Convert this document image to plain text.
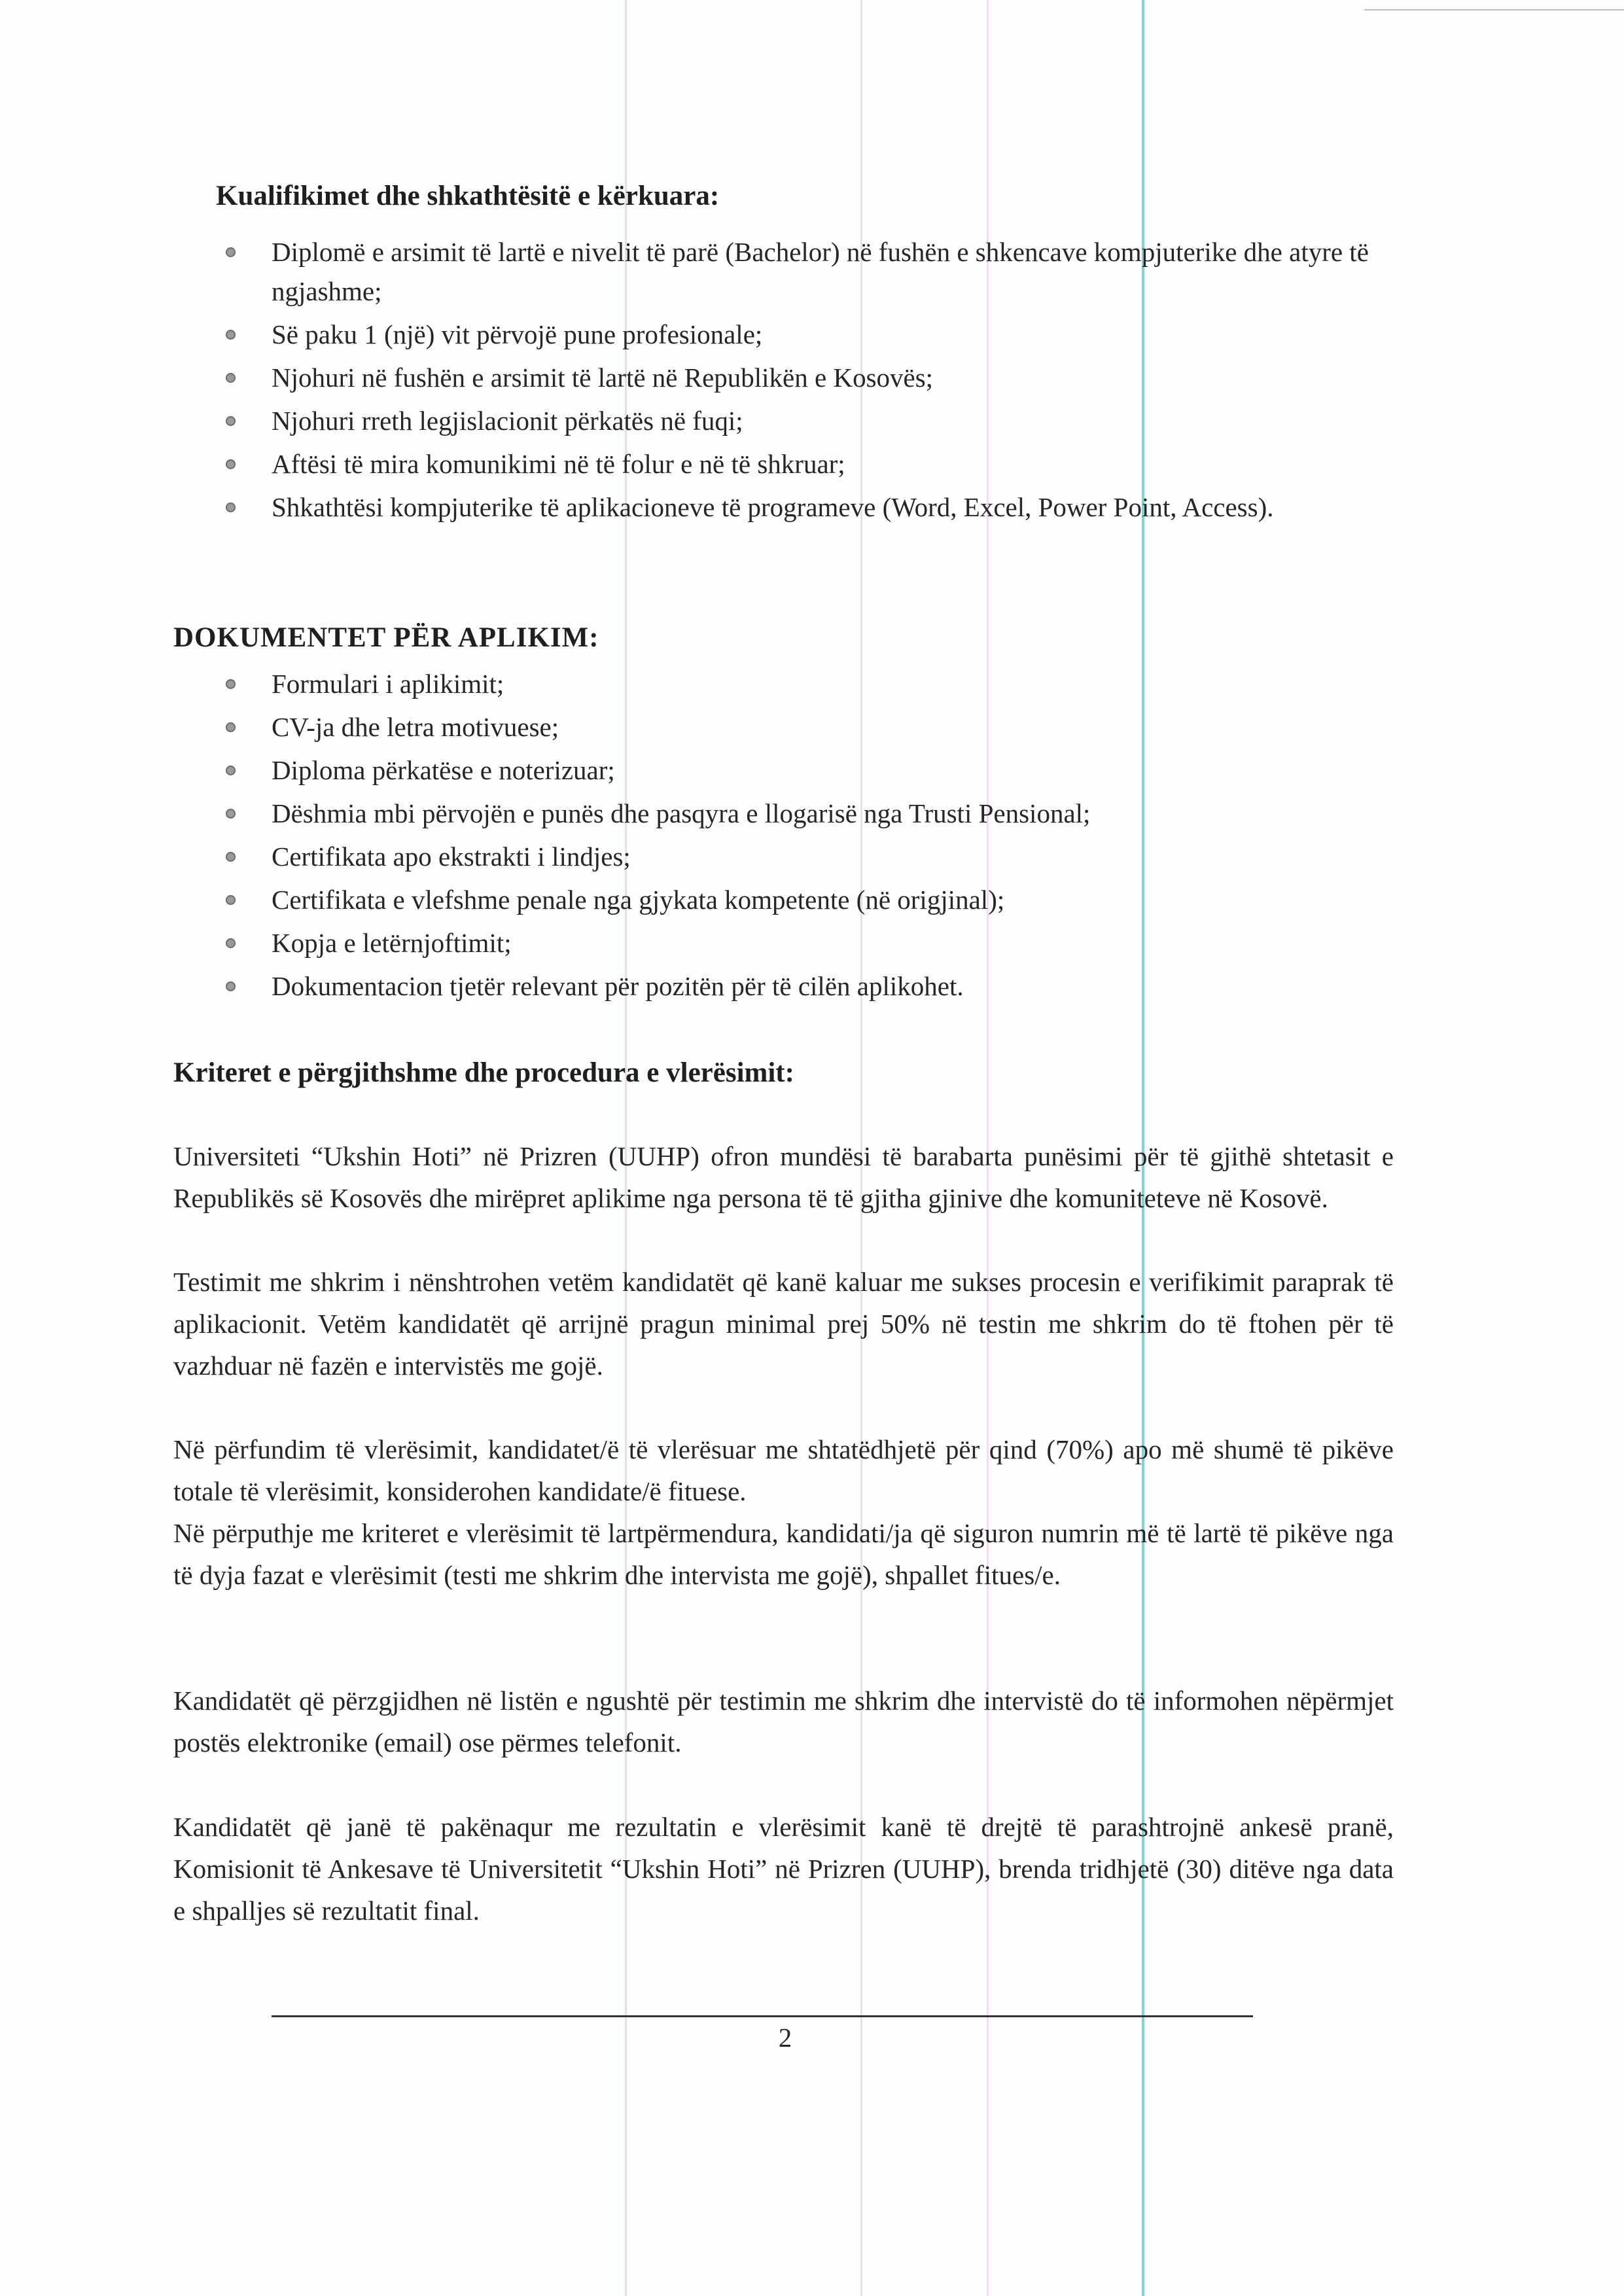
Kualifikimet dhe shkathtësitë e kërkuara:
Diplomë e arsimit të lartë e nivelit të parë (Bachelor) në fushën e shkencave kompjuterike dhe atyre të ngjashme;
Së paku 1 (një) vit përvojë pune profesionale;
Njohuri në fushën e arsimit të lartë në Republikën e Kosovës;
Njohuri rreth legjislacionit përkatës në fuqi;
Aftësi të mira komunikimi në të folur e në të shkruar;
Shkathtësi kompjuterike të aplikacioneve të programeve (Word, Excel, Power Point, Access).
DOKUMENTET PËR APLIKIM:
Formulari i aplikimit;
CV-ja dhe letra motivuese;
Diploma përkatëse e noterizuar;
Dëshmia mbi përvojën e punës dhe pasqyra e llogarisë nga Trusti Pensional;
Certifikata apo ekstrakti i lindjes;
Certifikata e vlefshme penale nga gjykata kompetente (në origjinal);
Kopja e letërnjoftimit;
Dokumentacion tjetër relevant për pozitën për të cilën aplikohet.
Kriteret e përgjithshme dhe procedura e vlerësimit:

Universiteti “Ukshin Hoti” në Prizren (UUHP) ofron mundësi të barabarta punësimi për të gjithë shtetasit e Republikës së Kosovës dhe mirëpret aplikime nga persona të të gjitha gjinive dhe komuniteteve në Kosovë.

Testimit me shkrim i nënshtrohen vetëm kandidatët që kanë kaluar me sukses procesin e verifikimit paraprak të aplikacionit. Vetëm kandidatët që arrijnë pragun minimal prej 50% në testin me shkrim do të ftohen për të vazhduar në fazën e intervistës me gojë.

Në përfundim të vlerësimit, kandidatet/ë të vlerësuar me shtatëdhjetë për qind (70%) apo më shumë të pikëve totale të vlerësimit, konsiderohen kandidate/ë fituese.

Në përputhje me kriteret e vlerësimit të lartpërmendura, kandidati/ja që siguron numrin më të lartë të pikëve nga të dyja fazat e vlerësimit (testi me shkrim dhe intervista me gojë), shpallet fitues/e.

Kandidatët që përzgjidhen në listën e ngushtë për testimin me shkrim dhe intervistë do të informohen nëpërmjet postës elektronike (email) ose përmes telefonit.

Kandidatët që janë të pakënaqur me rezultatin e vlerësimit kanë të drejtë të parashtrojnë ankesë pranë, Komisionit të Ankesave të Universitetit “Ukshin Hoti” në Prizren (UUHP), brenda tridhjetë (30) ditëve nga data e shpalljes së rezultatit final.

2
